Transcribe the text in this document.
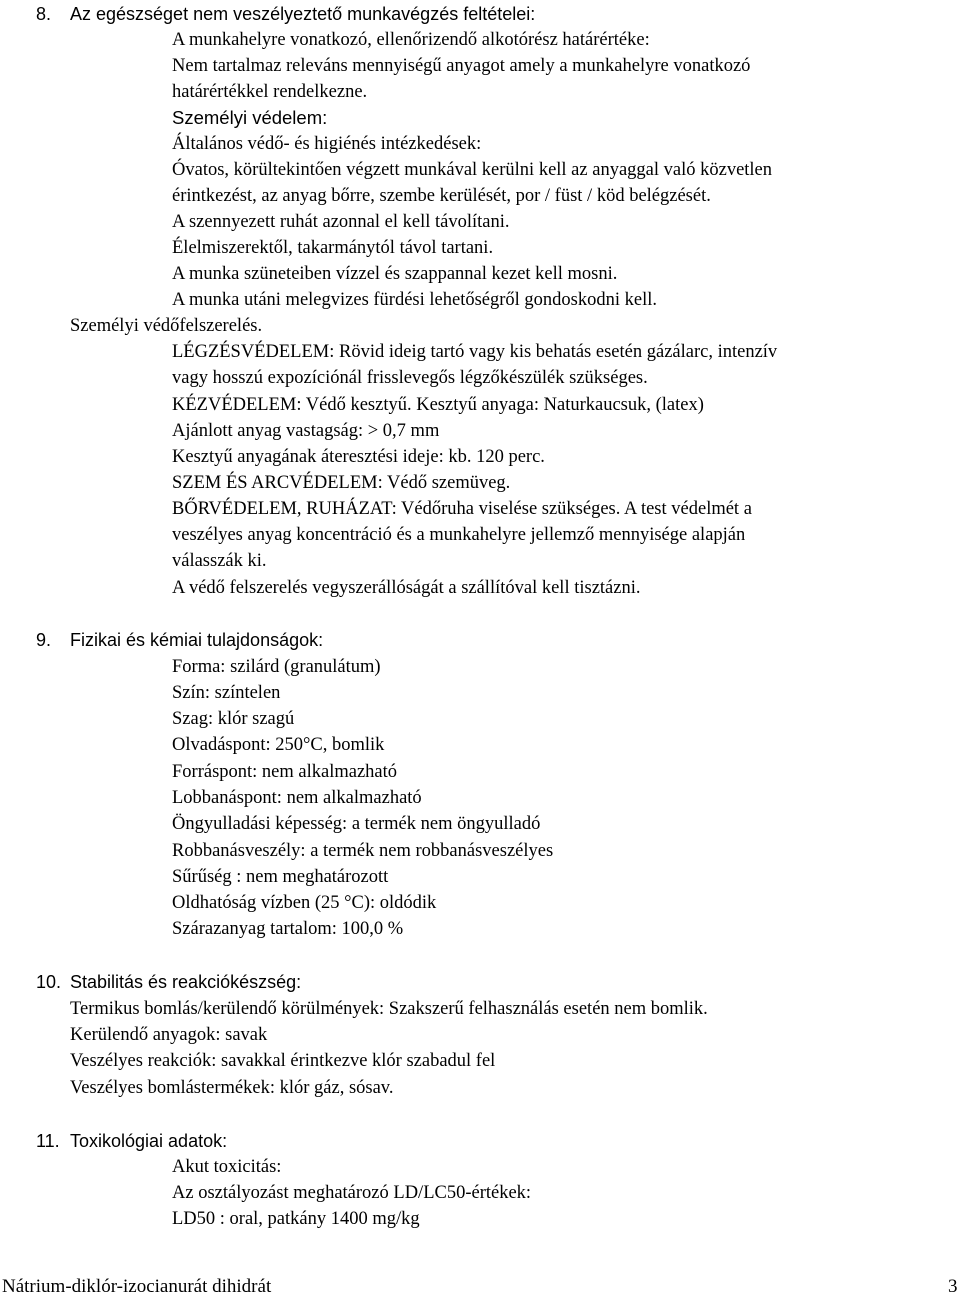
8. Az egészséget nem veszélyeztető munkavégzés feltételei:
A munkahelyre vonatkozó, ellenőrizendő alkotórész határértéke:
Nem tartalmaz releváns mennyiségű anyagot amely a munkahelyre vonatkozó
határértékkel rendelkezne.
Személyi védelem:
Általános védő- és higiénés intézkedések:
Óvatos, körültekintően végzett munkával kerülni kell az anyaggal való közvetlen
érintkezést, az anyag bőrre, szembe kerülését, por / füst / köd belégzését.
A szennyezett ruhát azonnal el kell távolítani.
Élelmiszerektől, takarmánytól távol tartani.
A munka szüneteiben vízzel és szappannal kezet kell mosni.
A munka utáni melegvizes fürdési lehetőségről gondoskodni kell.
Személyi védőfelszerelés.
LÉGZÉSVÉDELEM: Rövid ideig tartó vagy kis behatás esetén gázálarc, intenzív
vagy hosszú expozíciónál frisslevegős légzőkészülék szükséges.
KÉZVÉDELEM: Védő kesztyű. Kesztyű anyaga: Naturkaucsuk, (latex)
Ajánlott anyag vastagság: > 0,7 mm
Kesztyű anyagának áteresztési ideje: kb. 120 perc.
SZEM ÉS ARCVÉDELEM: Védő szemüveg.
BŐRVÉDELEM, RUHÁZAT: Védőruha viselése szükséges. A test védelmét a
veszélyes anyag koncentráció és a munkahelyre jellemző mennyisége alapján
válasszák ki.
A védő felszerelés vegyszerállóságát a szállítóval kell tisztázni.
9. Fizikai és kémiai tulajdonságok:
Forma: szilárd (granulátum)
Szín: színtelen
Szag: klór szagú
Olvadáspont: 250°C, bomlik
Forráspont: nem alkalmazható
Lobbanáspont: nem alkalmazható
Öngyulladási képesség: a termék nem öngyulladó
Robbanásveszély: a termék nem robbanásveszélyes
Sűrűség : nem meghatározott
Oldhatóság vízben (25 °C): oldódik
Szárazanyag tartalom: 100,0 %
10. Stabilitás és reakciókészség:
Termikus bomlás/kerülendő körülmények: Szakszerű felhasználás esetén nem bomlik.
Kerülendő anyagok: savak
Veszélyes reakciók: savakkal érintkezve klór szabadul fel
Veszélyes bomlástermékek: klór gáz, sósav.
11. Toxikológiai adatok:
Akut toxicitás:
Az osztályozást meghatározó LD/LC50-értékek:
LD50 : oral, patkány 1400 mg/kg
Nátrium-diklór-izocianurát dihidrát	3
